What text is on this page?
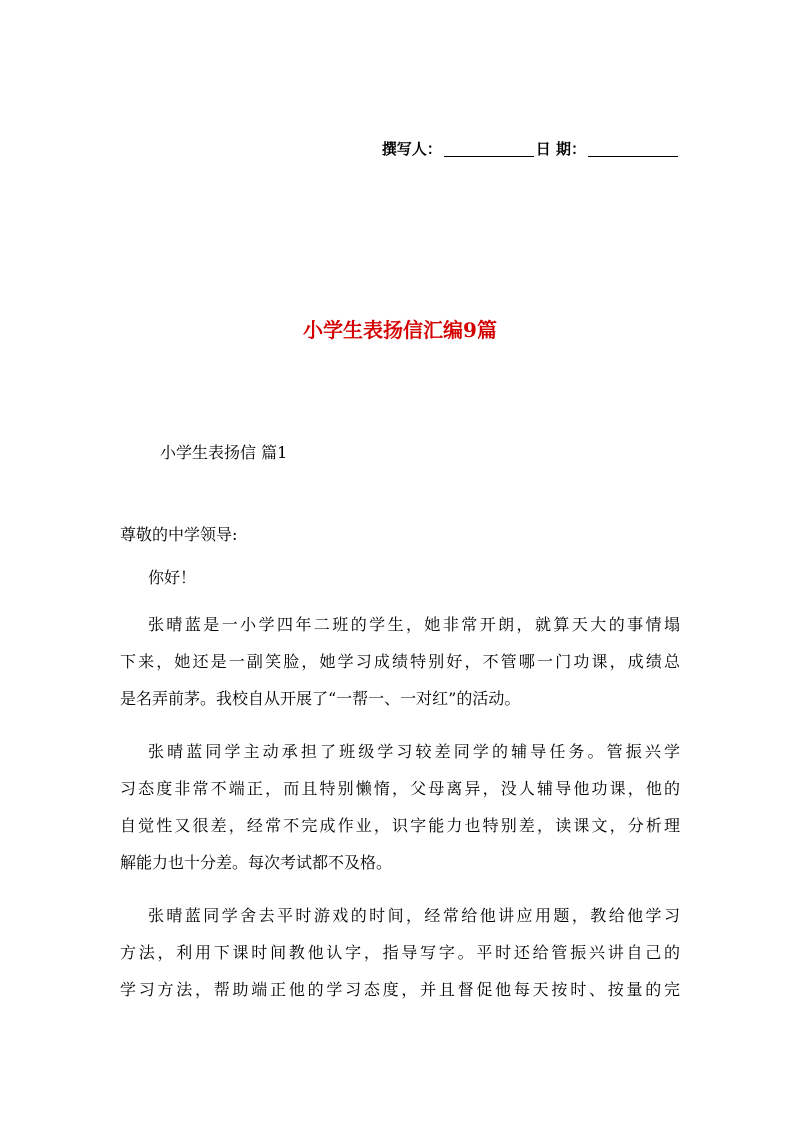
撰写人：	日 期：
小学生表扬信汇编9篇
小学生表扬信 篇1
尊敬的中学领导:
你好！
张晴蓝是一小学四年二班的学生，她非常开朗，就算天大的事情塌
下来，她还是一副笑脸，她学习成绩特别好，不管哪一门功课，成绩总
是名弄前茅。我校自从开展了“一帮一、一对红”的活动。
张晴蓝同学主动承担了班级学习较差同学的辅导任务。管振兴学
习态度非常不端正，而且特别懒惰，父母离异，没人辅导他功课，他的
自觉性又很差，经常不完成作业，识字能力也特别差，读课文，分析理
解能力也十分差。每次考试都不及格。
张晴蓝同学舍去平时游戏的时间，经常给他讲应用题，教给他学习
方法，利用下课时间教他认字，指导写字。平时还给管振兴讲自己的
学习方法，帮助端正他的学习态度，并且督促他每天按时、按量的完
